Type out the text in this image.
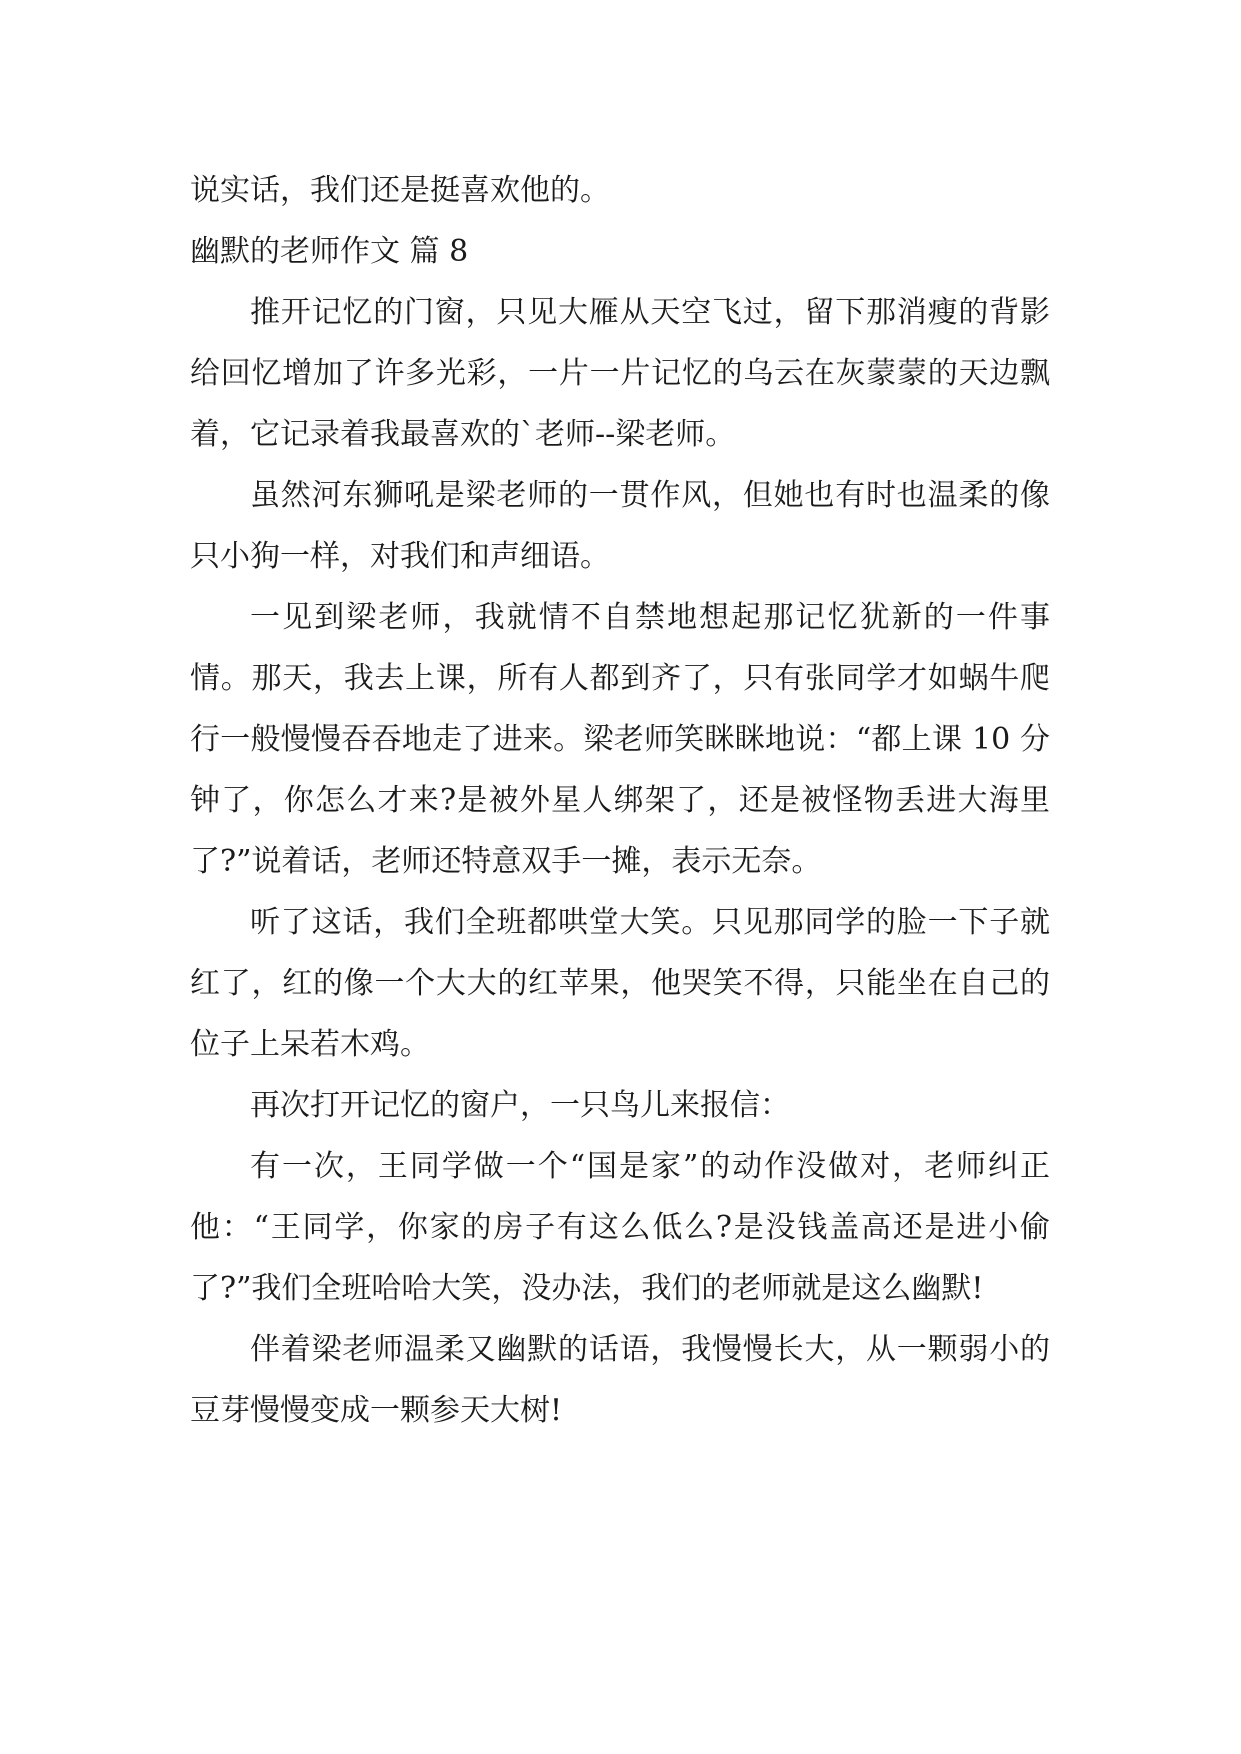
说实话，我们还是挺喜欢他的。

幽默的老师作文 篇 8

推开记忆的门窗，只见大雁从天空飞过，留下那消瘦的背影给回忆增加了许多光彩，一片一片记忆的乌云在灰蒙蒙的天边飘着，它记录着我最喜欢的`老师--梁老师。

虽然河东狮吼是梁老师的一贯作风，但她也有时也温柔的像只小狗一样，对我们和声细语。

一见到梁老师，我就情不自禁地想起那记忆犹新的一件事情。那天，我去上课，所有人都到齐了，只有张同学才如蜗牛爬行一般慢慢吞吞地走了进来。梁老师笑眯眯地说：“都上课 10 分钟了，你怎么才来?是被外星人绑架了，还是被怪物丢进大海里了?”说着话，老师还特意双手一摊，表示无奈。

听了这话，我们全班都哄堂大笑。只见那同学的脸一下子就红了，红的像一个大大的红苹果，他哭笑不得，只能坐在自己的位子上呆若木鸡。

再次打开记忆的窗户，一只鸟儿来报信：

有一次，王同学做一个“国是家”的动作没做对，老师纠正他：“王同学，你家的房子有这么低么?是没钱盖高还是进小偷了?”我们全班哈哈大笑，没办法，我们的老师就是这么幽默!

伴着梁老师温柔又幽默的话语，我慢慢长大，从一颗弱小的豆芽慢慢变成一颗参天大树!
